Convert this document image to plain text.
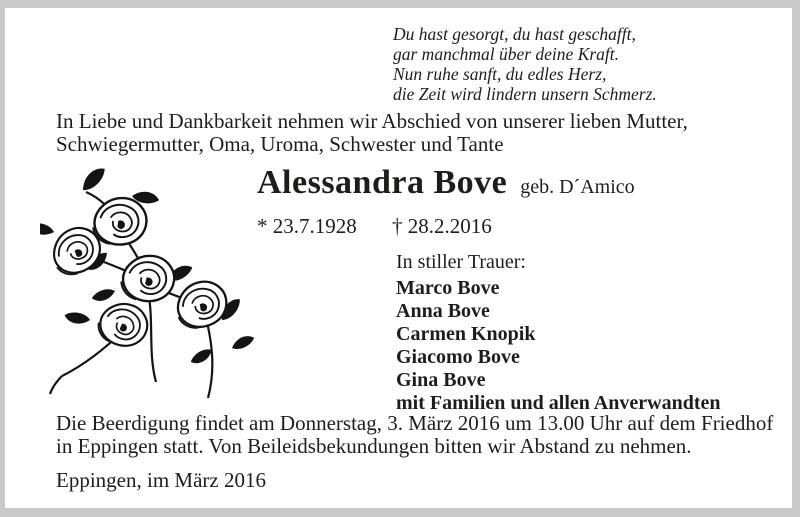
Du hast gesorgt, du hast geschafft,
gar manchmal über deine Kraft.
Nun ruhe sanft, du edles Herz,
die Zeit wird lindern unsern Schmerz.
In Liebe und Dankbarkeit nehmen wir Abschied von unserer lieben Mutter,
Schwiegermutter, Oma, Uroma, Schwester und Tante
Alessandra Bove geb. D´Amico
* 23.7.1928 † 28.2.2016
In stiller Trauer:
Marco Bove
Anna Bove
Carmen Knopik
Giacomo Bove
Gina Bove
mit Familien und allen Anverwandten
Die Beerdigung findet am Donnerstag, 3. März 2016 um 13.00 Uhr auf dem Friedhof
in Eppingen statt. Von Beileidsbekundungen bitten wir Abstand zu nehmen.
Eppingen, im März 2016
